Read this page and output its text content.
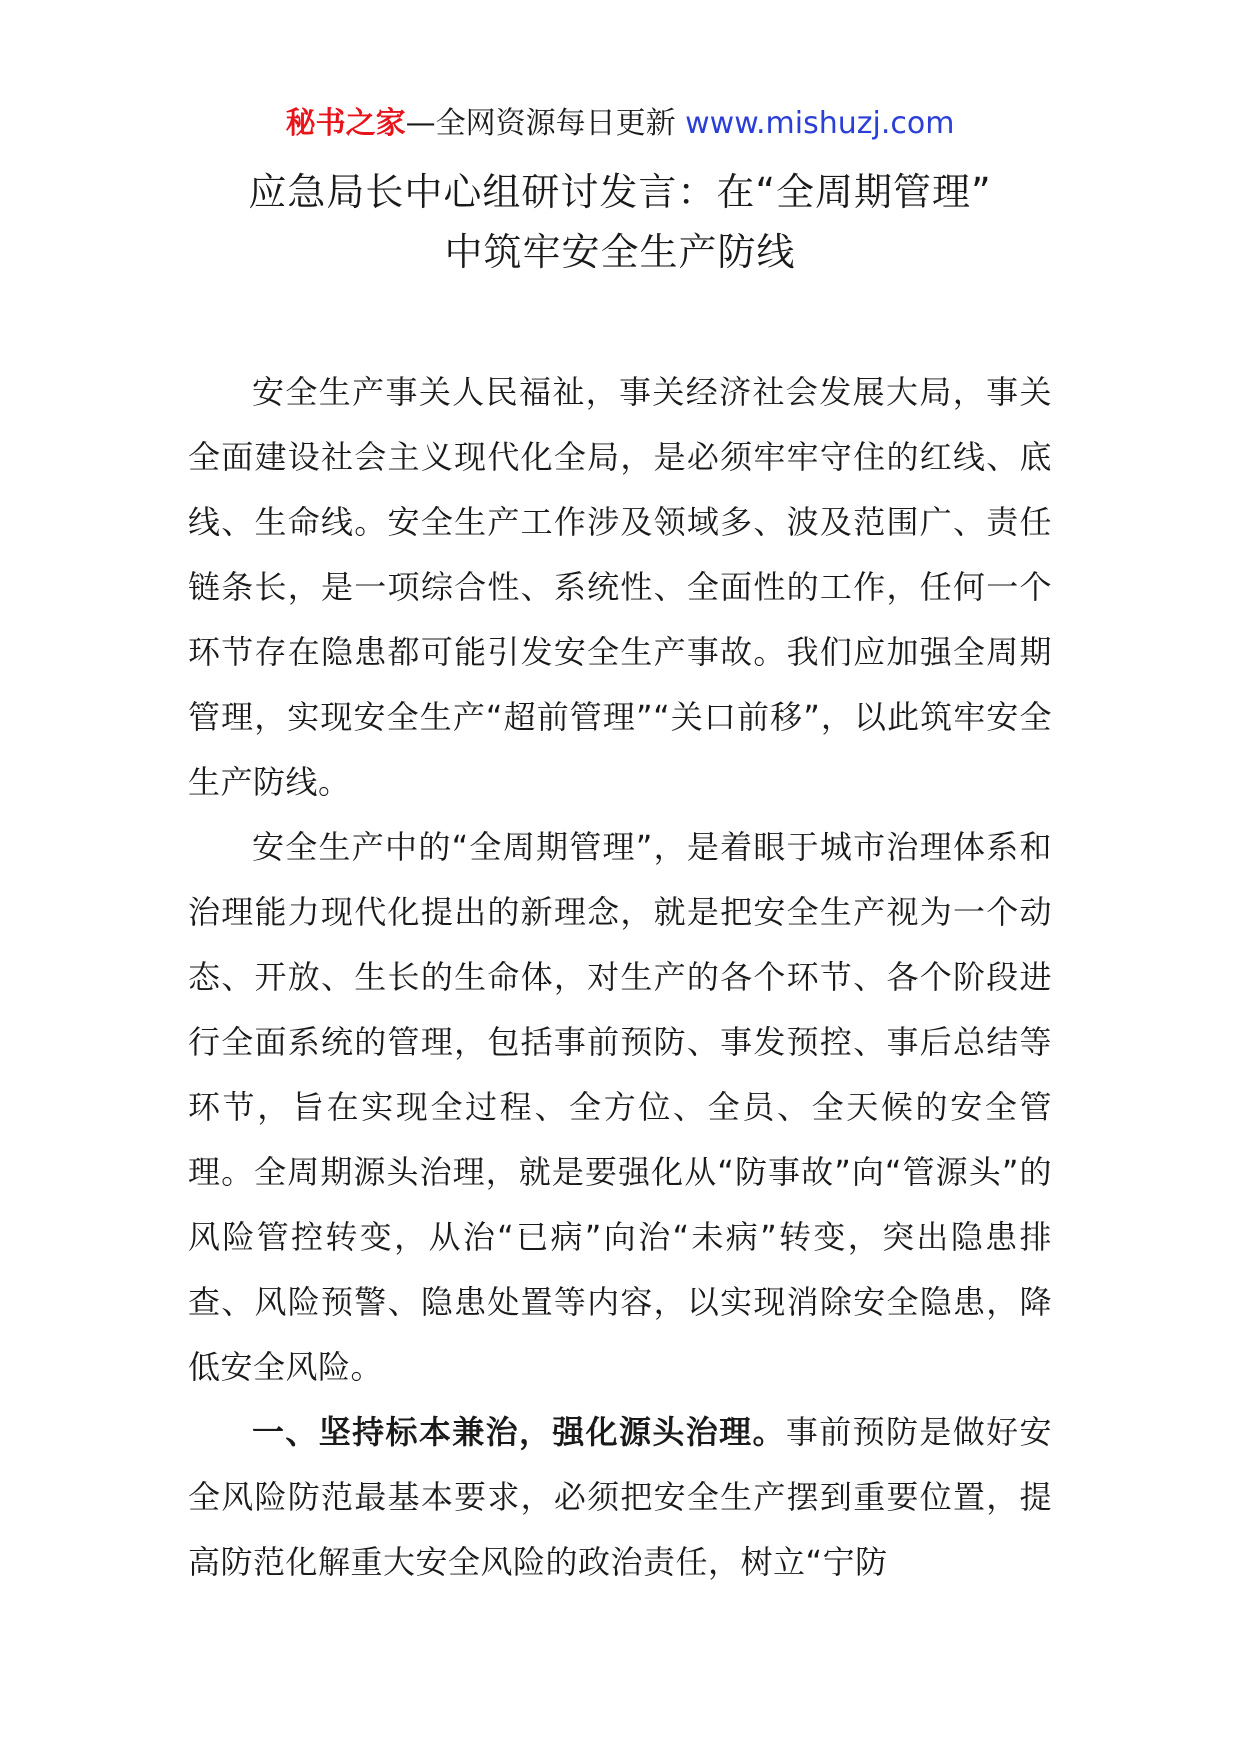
秘书之家—全网资源每日更新 www.mishuzj.com
应急局长中心组研讨发言：在“全周期管理”
中筑牢安全生产防线

安全生产事关人民福祉，事关经济社会发展大局，事关全面建设社会主义现代化全局，是必须牢牢守住的红线、底线、生命线。安全生产工作涉及领域多、波及范围广、责任链条长，是一项综合性、系统性、全面性的工作，任何一个环节存在隐患都可能引发安全生产事故。我们应加强全周期管理，实现安全生产“超前管理”“关口前移”，以此筑牢安全生产防线。

安全生产中的“全周期管理”，是着眼于城市治理体系和治理能力现代化提出的新理念，就是把安全生产视为一个动态、开放、生长的生命体，对生产的各个环节、各个阶段进行全面系统的管理，包括事前预防、事发预控、事后总结等环节，旨在实现全过程、全方位、全员、全天候的安全管理。全周期源头治理，就是要强化从“防事故”向“管源头”的风险管控转变，从治“已病”向治“未病”转变，突出隐患排查、风险预警、隐患处置等内容，以实现消除安全隐患，降低安全风险。

一、坚持标本兼治，强化源头治理。事前预防是做好安全风险防范最基本要求，必须把安全生产摆到重要位置，提高防范化解重大安全风险的政治责任，树立“宁防
